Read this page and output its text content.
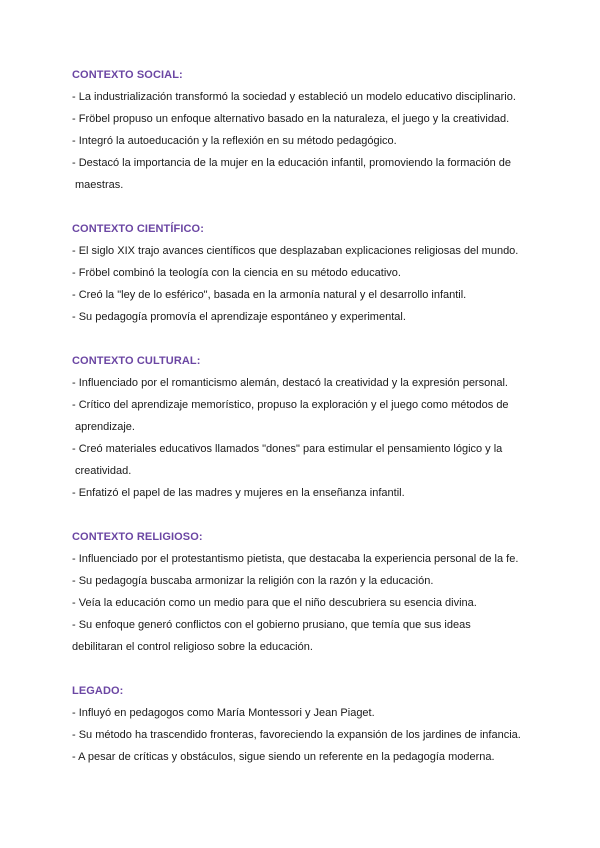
CONTEXTO SOCIAL:
- La industrialización transformó la sociedad y estableció un modelo educativo disciplinario.
- Fröbel propuso un enfoque alternativo basado en la naturaleza, el juego y la creatividad.
- Integró la autoeducación y la reflexión en su método pedagógico.
- Destacó la importancia de la mujer en la educación infantil, promoviendo la formación de
maestras.
CONTEXTO CIENTÍFICO:
- El siglo XIX trajo avances científicos que desplazaban explicaciones religiosas del mundo.
- Fröbel combinó la teología con la ciencia en su método educativo.
- Creó la "ley de lo esférico", basada en la armonía natural y el desarrollo infantil.
- Su pedagogía promovía el aprendizaje espontáneo y experimental.
CONTEXTO CULTURAL:
- Influenciado por el romanticismo alemán, destacó la creatividad y la expresión personal.
- Crítico del aprendizaje memorístico, propuso la exploración y el juego como métodos de
aprendizaje.
- Creó materiales educativos llamados "dones" para estimular el pensamiento lógico y la
creatividad.
- Enfatizó el papel de las madres y mujeres en la enseñanza infantil.
CONTEXTO RELIGIOSO:
- Influenciado por el protestantismo pietista, que destacaba la experiencia personal de la fe.
- Su pedagogía buscaba armonizar la religión con la razón y la educación.
- Veía la educación como un medio para que el niño descubriera su esencia divina.
- Su enfoque generó conflictos con el gobierno prusiano, que temía que sus ideas
debilitaran el control religioso sobre la educación.
LEGADO:
- Influyó en pedagogos como María Montessori y Jean Piaget.
- Su método ha trascendido fronteras, favoreciendo la expansión de los jardines de infancia.
- A pesar de críticas y obstáculos, sigue siendo un referente en la pedagogía moderna.
